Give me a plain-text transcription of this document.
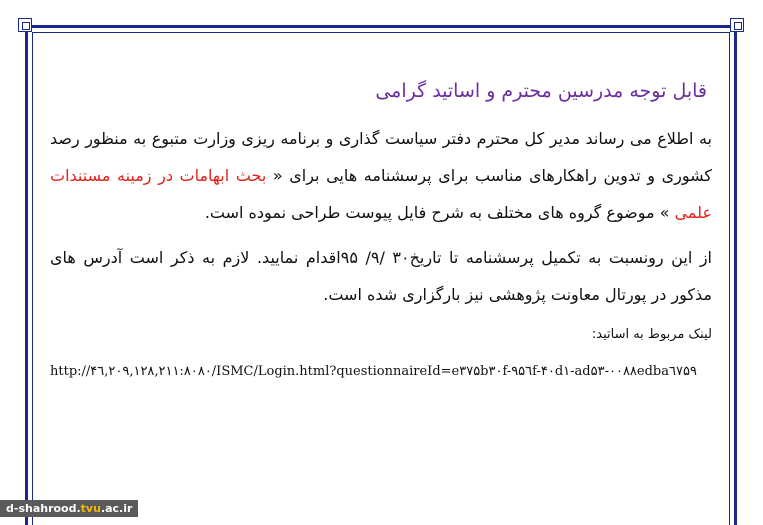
قابل توجه مدرسین محترم و اساتید گرامی

به اطلاع می رساند مدیر کل محترم دفتر سیاست گذاری و برنامه ریزی وزارت متبوع به منظور رصد کشوری و تدوین راهکارهای مناسب برای پرسشنامه هایی برای « بحث ابهامات در زمینه مستندات علمی » موضوع گروه های مختلف به شرح فایل پیوست طراحی نموده است.

از این رونسبت به تکمیل پرسشنامه تا تاریخ۳۰ /۹/ ۹۵اقدام نمایید. لازم به ذکر است آدرس های مذکور در پورتال معاونت پژوهشی نیز بارگزاری شده است.

لینک مربوط به اساتید:
http://۴٦,۲۰۹,۱۲۸,۲۱۱:۸۰۸۰/ISMC/Login.html?questionnaireId=e۳۷۵b۳۰f-۹۵٦f-۴۰d۱-ad۵۳-۰۰۸۸edba٦۷۵۹
d-shahrood.tvu.ac.ir
